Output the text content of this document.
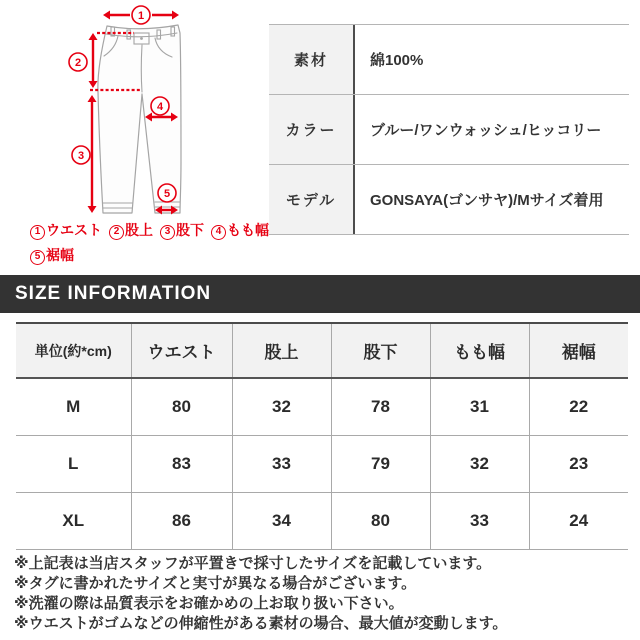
1
2
3
4
5
1 ウエスト 2 股上 3 股下 4 もも幅
5 裾幅
素材	綿100%
カラー	ブルー/ワンウォッシュ/ヒッコリー
モデル	GONSAYA(ゴンサヤ)/Mサイズ着用
SIZE INFORMATION
単位(約*cm)	ウエスト	股上	股下	もも幅	裾幅
M	80	32	78	31	22
L	83	33	79	32	23
XL	86	34	80	33	24
※上記表は当店スタッフが平置きで採寸したサイズを記載しています。
※タグに書かれたサイズと実寸が異なる場合がございます。
※洗濯の際は品質表示をお確かめの上お取り扱い下さい。
※ウエストがゴムなどの伸縮性がある素材の場合、最大値が変動します。
